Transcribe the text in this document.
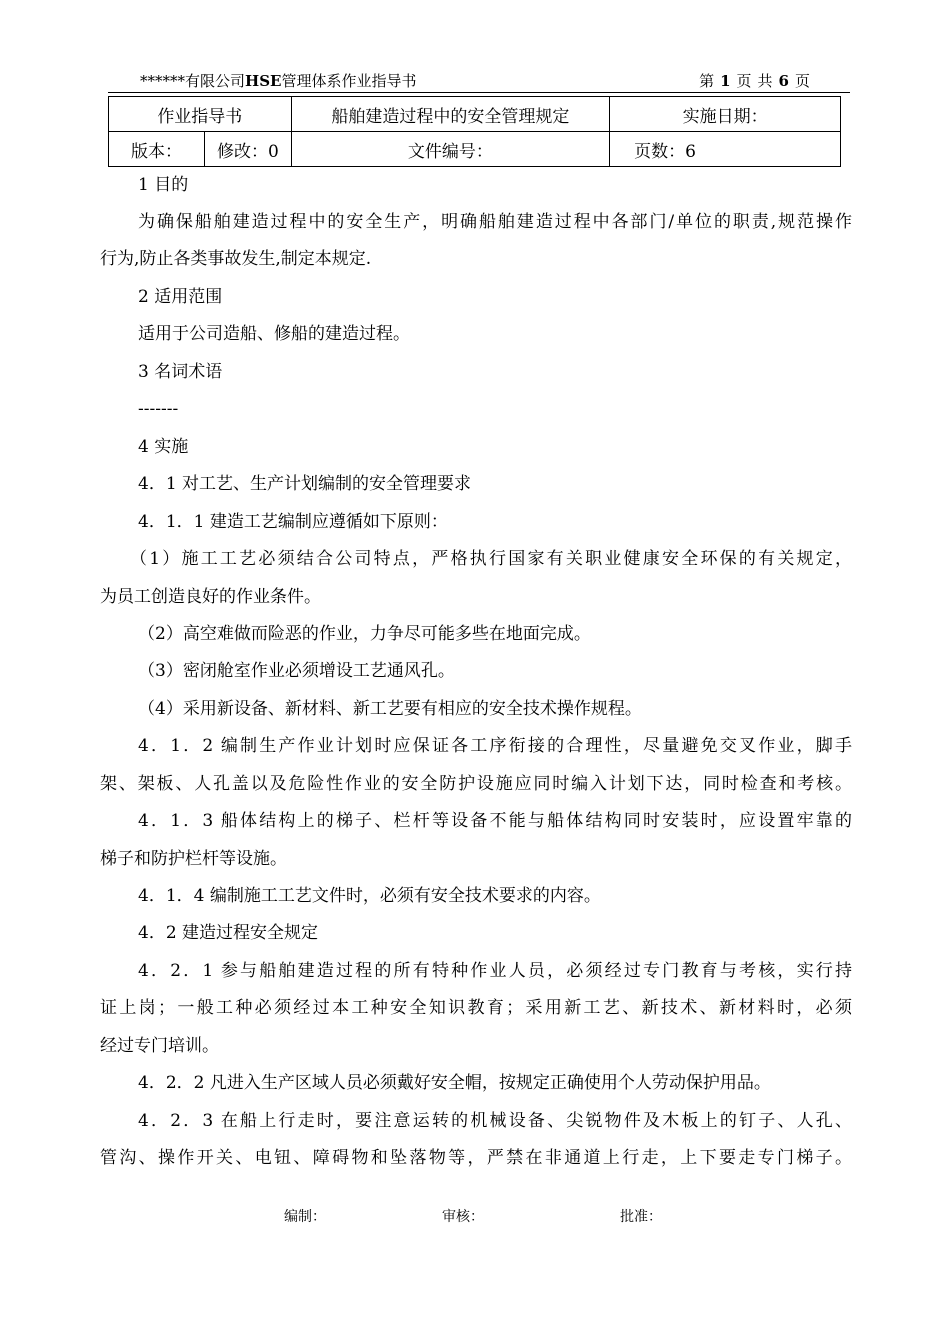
******有限公司HSE管理体系作业指导书	第 1 页 共 6 页
作业指导书		船舶建造过程中的安全管理规定	实施日期：
版本：	修改：0	文件编号：	页数：6
1 目的
为确保船舶建造过程中的安全生产，明确船舶建造过程中各部门/单位的职责,规范操作
行为,防止各类事故发生,制定本规定.
2 适用范围
适用于公司造船、修船的建造过程。
3 名词术语
-------
4 实施
4．1 对工艺、生产计划编制的安全管理要求
4．1．1 建造工艺编制应遵循如下原则：
（1）施工工艺必须结合公司特点，严格执行国家有关职业健康安全环保的有关规定，
为员工创造良好的作业条件。
（2）高空难做而险恶的作业，力争尽可能多些在地面完成。
（3）密闭舱室作业必须增设工艺通风孔。
（4）采用新设备、新材料、新工艺要有相应的安全技术操作规程。
4．1．2 编制生产作业计划时应保证各工序衔接的合理性，尽量避免交叉作业，脚手
架、架板、人孔盖以及危险性作业的安全防护设施应同时编入计划下达，同时检查和考核。
4．1．3 船体结构上的梯子、栏杆等设备不能与船体结构同时安装时，应设置牢靠的
梯子和防护栏杆等设施。
4．1．4 编制施工工艺文件时，必须有安全技术要求的内容。
4．2 建造过程安全规定
4．2．1 参与船舶建造过程的所有特种作业人员，必须经过专门教育与考核，实行持
证上岗；一般工种必须经过本工种安全知识教育；采用新工艺、新技术、新材料时，必须
经过专门培训。
4．2．2 凡进入生产区域人员必须戴好安全帽，按规定正确使用个人劳动保护用品。
4．2．3 在船上行走时，要注意运转的机械设备、尖锐物件及木板上的钉子、人孔、
管沟、操作开关、电钮、障碍物和坠落物等，严禁在非通道上行走，上下要走专门梯子。
编制：	审核：	批准：
